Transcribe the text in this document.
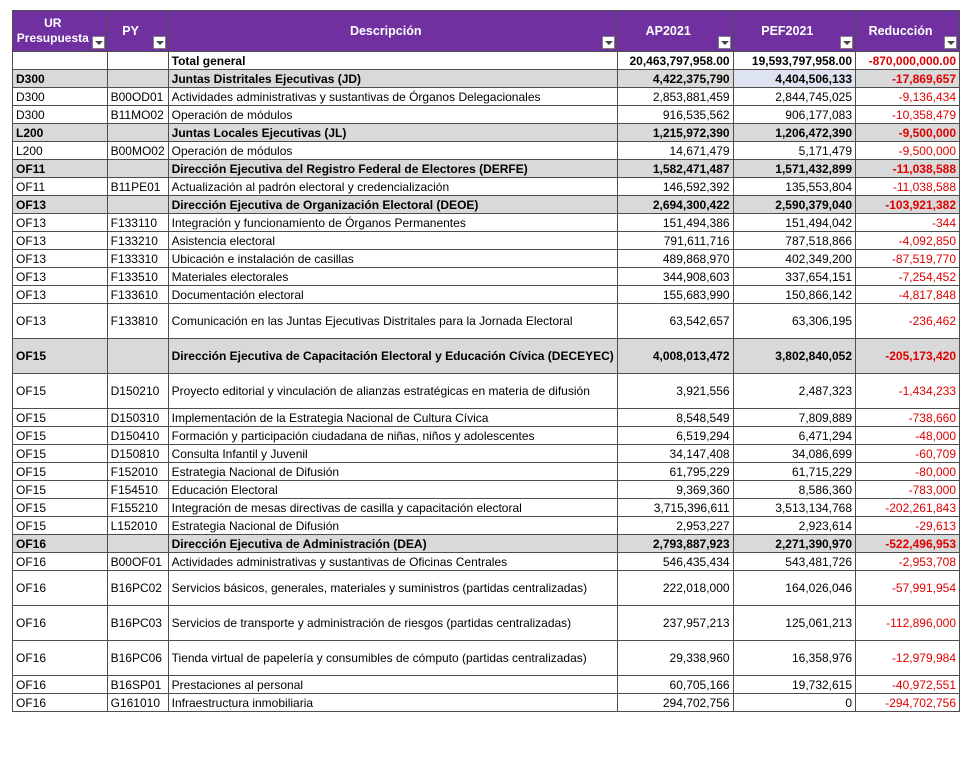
UR Presupuesta	PY	Descripción	AP2021	PEF2021	Reducción

		Total general	20,463,797,958.00	19,593,797,958.00	-870,000,000.00
D300		Juntas Distritales Ejecutivas (JD)	4,422,375,790	4,404,506,133	-17,869,657
D300	B00OD01	Actividades administrativas y sustantivas de Órganos Delegacionales	2,853,881,459	2,844,745,025	-9,136,434
D300	B11MO02	Operación de módulos	916,535,562	906,177,083	-10,358,479
L200		Juntas Locales Ejecutivas (JL)	1,215,972,390	1,206,472,390	-9,500,000
L200	B00MO02	Operación de módulos	14,671,479	5,171,479	-9,500,000
OF11		Dirección Ejecutiva del Registro Federal de Electores (DERFE)	1,582,471,487	1,571,432,899	-11,038,588
OF11	B11PE01	Actualización al padrón electoral y credencialización	146,592,392	135,553,804	-11,038,588
OF13		Dirección Ejecutiva de Organización Electoral (DEOE)	2,694,300,422	2,590,379,040	-103,921,382
OF13	F133110	Integración y funcionamiento de Órganos Permanentes	151,494,386	151,494,042	-344
OF13	F133210	Asistencia electoral	791,611,716	787,518,866	-4,092,850
OF13	F133310	Ubicación e instalación de casillas	489,868,970	402,349,200	-87,519,770
OF13	F133510	Materiales electorales	344,908,603	337,654,151	-7,254,452
OF13	F133610	Documentación electoral	155,683,990	150,866,142	-4,817,848
OF13	F133810	Comunicación en las Juntas Ejecutivas Distritales para la Jornada Electoral	63,542,657	63,306,195	-236,462
OF15		Dirección Ejecutiva de Capacitación Electoral y Educación Cívica (DECEYEC)	4,008,013,472	3,802,840,052	-205,173,420
OF15	D150210	Proyecto editorial y vinculación de alianzas estratégicas en materia de difusión	3,921,556	2,487,323	-1,434,233
OF15	D150310	Implementación de la Estrategia Nacional de Cultura Cívica	8,548,549	7,809,889	-738,660
OF15	D150410	Formación y participación ciudadana de niñas, niños y adolescentes	6,519,294	6,471,294	-48,000
OF15	D150810	Consulta Infantil y Juvenil	34,147,408	34,086,699	-60,709
OF15	F152010	Estrategia Nacional de Difusión	61,795,229	61,715,229	-80,000
OF15	F154510	Educación Electoral	9,369,360	8,586,360	-783,000
OF15	F155210	Integración de mesas directivas de casilla y capacitación electoral	3,715,396,611	3,513,134,768	-202,261,843
OF15	L152010	Estrategia Nacional de Difusión	2,953,227	2,923,614	-29,613
OF16		Dirección Ejecutiva de Administración (DEA)	2,793,887,923	2,271,390,970	-522,496,953
OF16	B00OF01	Actividades administrativas y sustantivas de Oficinas Centrales	546,435,434	543,481,726	-2,953,708
OF16	B16PC02	Servicios básicos, generales, materiales y suministros (partidas centralizadas)	222,018,000	164,026,046	-57,991,954
OF16	B16PC03	Servicios de transporte y administración de riesgos (partidas centralizadas)	237,957,213	125,061,213	-112,896,000
OF16	B16PC06	Tienda virtual de papelería y consumibles de cómputo (partidas centralizadas)	29,338,960	16,358,976	-12,979,984
OF16	B16SP01	Prestaciones al personal	60,705,166	19,732,615	-40,972,551
OF16	G161010	Infraestructura inmobiliaria	294,702,756	0	-294,702,756
